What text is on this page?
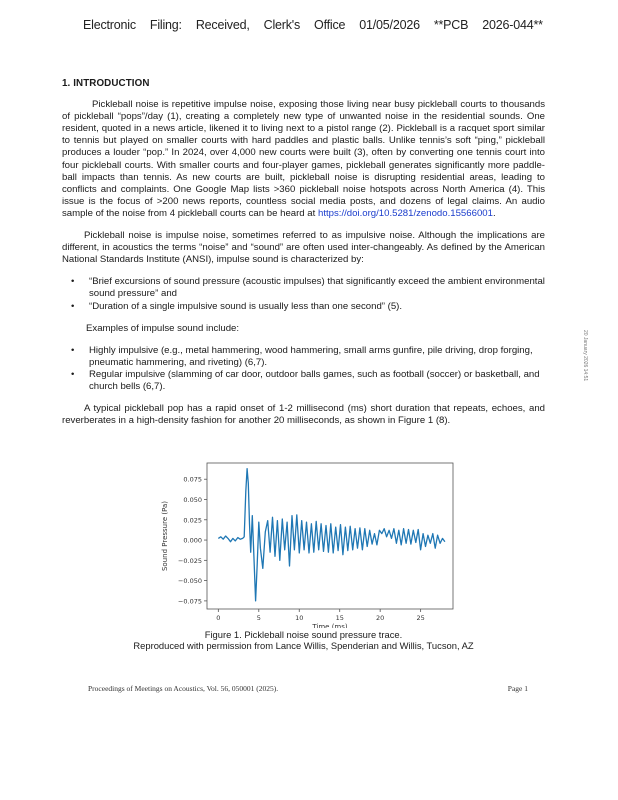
Electronic Filing: Received, Clerk's Office 01/05/2026 **PCB 2026-044**
20 January 2026 14:51
1. INTRODUCTION

Pickleball noise is repetitive impulse noise, exposing those living near busy pickleball courts to thousands of pickleball “pops”/day (1), creating a completely new type of unwanted noise in the residential sounds. One resident, quoted in a news article, likened it to living next to a pistol range (2). Pickleball is a racquet sport similar to tennis but played on smaller courts with hard paddles and plastic balls. Unlike tennis’s soft “ping,” pickleball produces a louder “pop.” In 2024, over 4,000 new courts were built (3), often by converting one tennis court into four pickleball courts. With smaller courts and four-player games, pickleball generates significantly more paddle-ball impacts than tennis. As new courts are built, pickleball noise is disrupting residential areas, leading to conflicts and complaints. One Google Map lists >360 pickleball noise hotspots across North America (4). This issue is the focus of >200 news reports, countless social media posts, and dozens of legal claims. An audio sample of the noise from 4 pickleball courts can be heard at https://doi.org/10.5281/zenodo.15566001.

Pickleball noise is impulse noise, sometimes referred to as impulsive noise. Although the implications are different, in acoustics the terms “noise” and “sound” are often used inter-changeably. As defined by the American National Standards Institute (ANSI), impulse sound is characterized by:

• “Brief excursions of sound pressure (acoustic impulses) that significantly exceed the ambient environmental sound pressure” and
• “Duration of a single impulsive sound is usually less than one second” (5).

Examples of impulse sound include:

• Highly impulsive (e.g., metal hammering, wood hammering, small arms gunfire, pile driving, drop forging, pneumatic hammering, and riveting) (6,7).
• Regular impulsive (slamming of car door, outdoor balls games, such as football (soccer) or basketball, and church bells (6,7).

A typical pickleball pop has a rapid onset of 1-2 millisecond (ms) short duration that repeats, echoes, and reverberates in a high-density fashion for another 20 milliseconds, as shown in Figure 1 (8).

0.075
0.050
0.025
0.000
−0.025
−0.050
−0.075
0	5	10	15	20	25
Time (ms)
Sound Pressure (Pa)
Figure 1. Pickleball noise sound pressure trace.
Reproduced with permission from Lance Willis, Spenderian and Willis, Tucson, AZ
Proceedings of Meetings on Acoustics, Vol. 56, 050001 (2025).	Page 1
